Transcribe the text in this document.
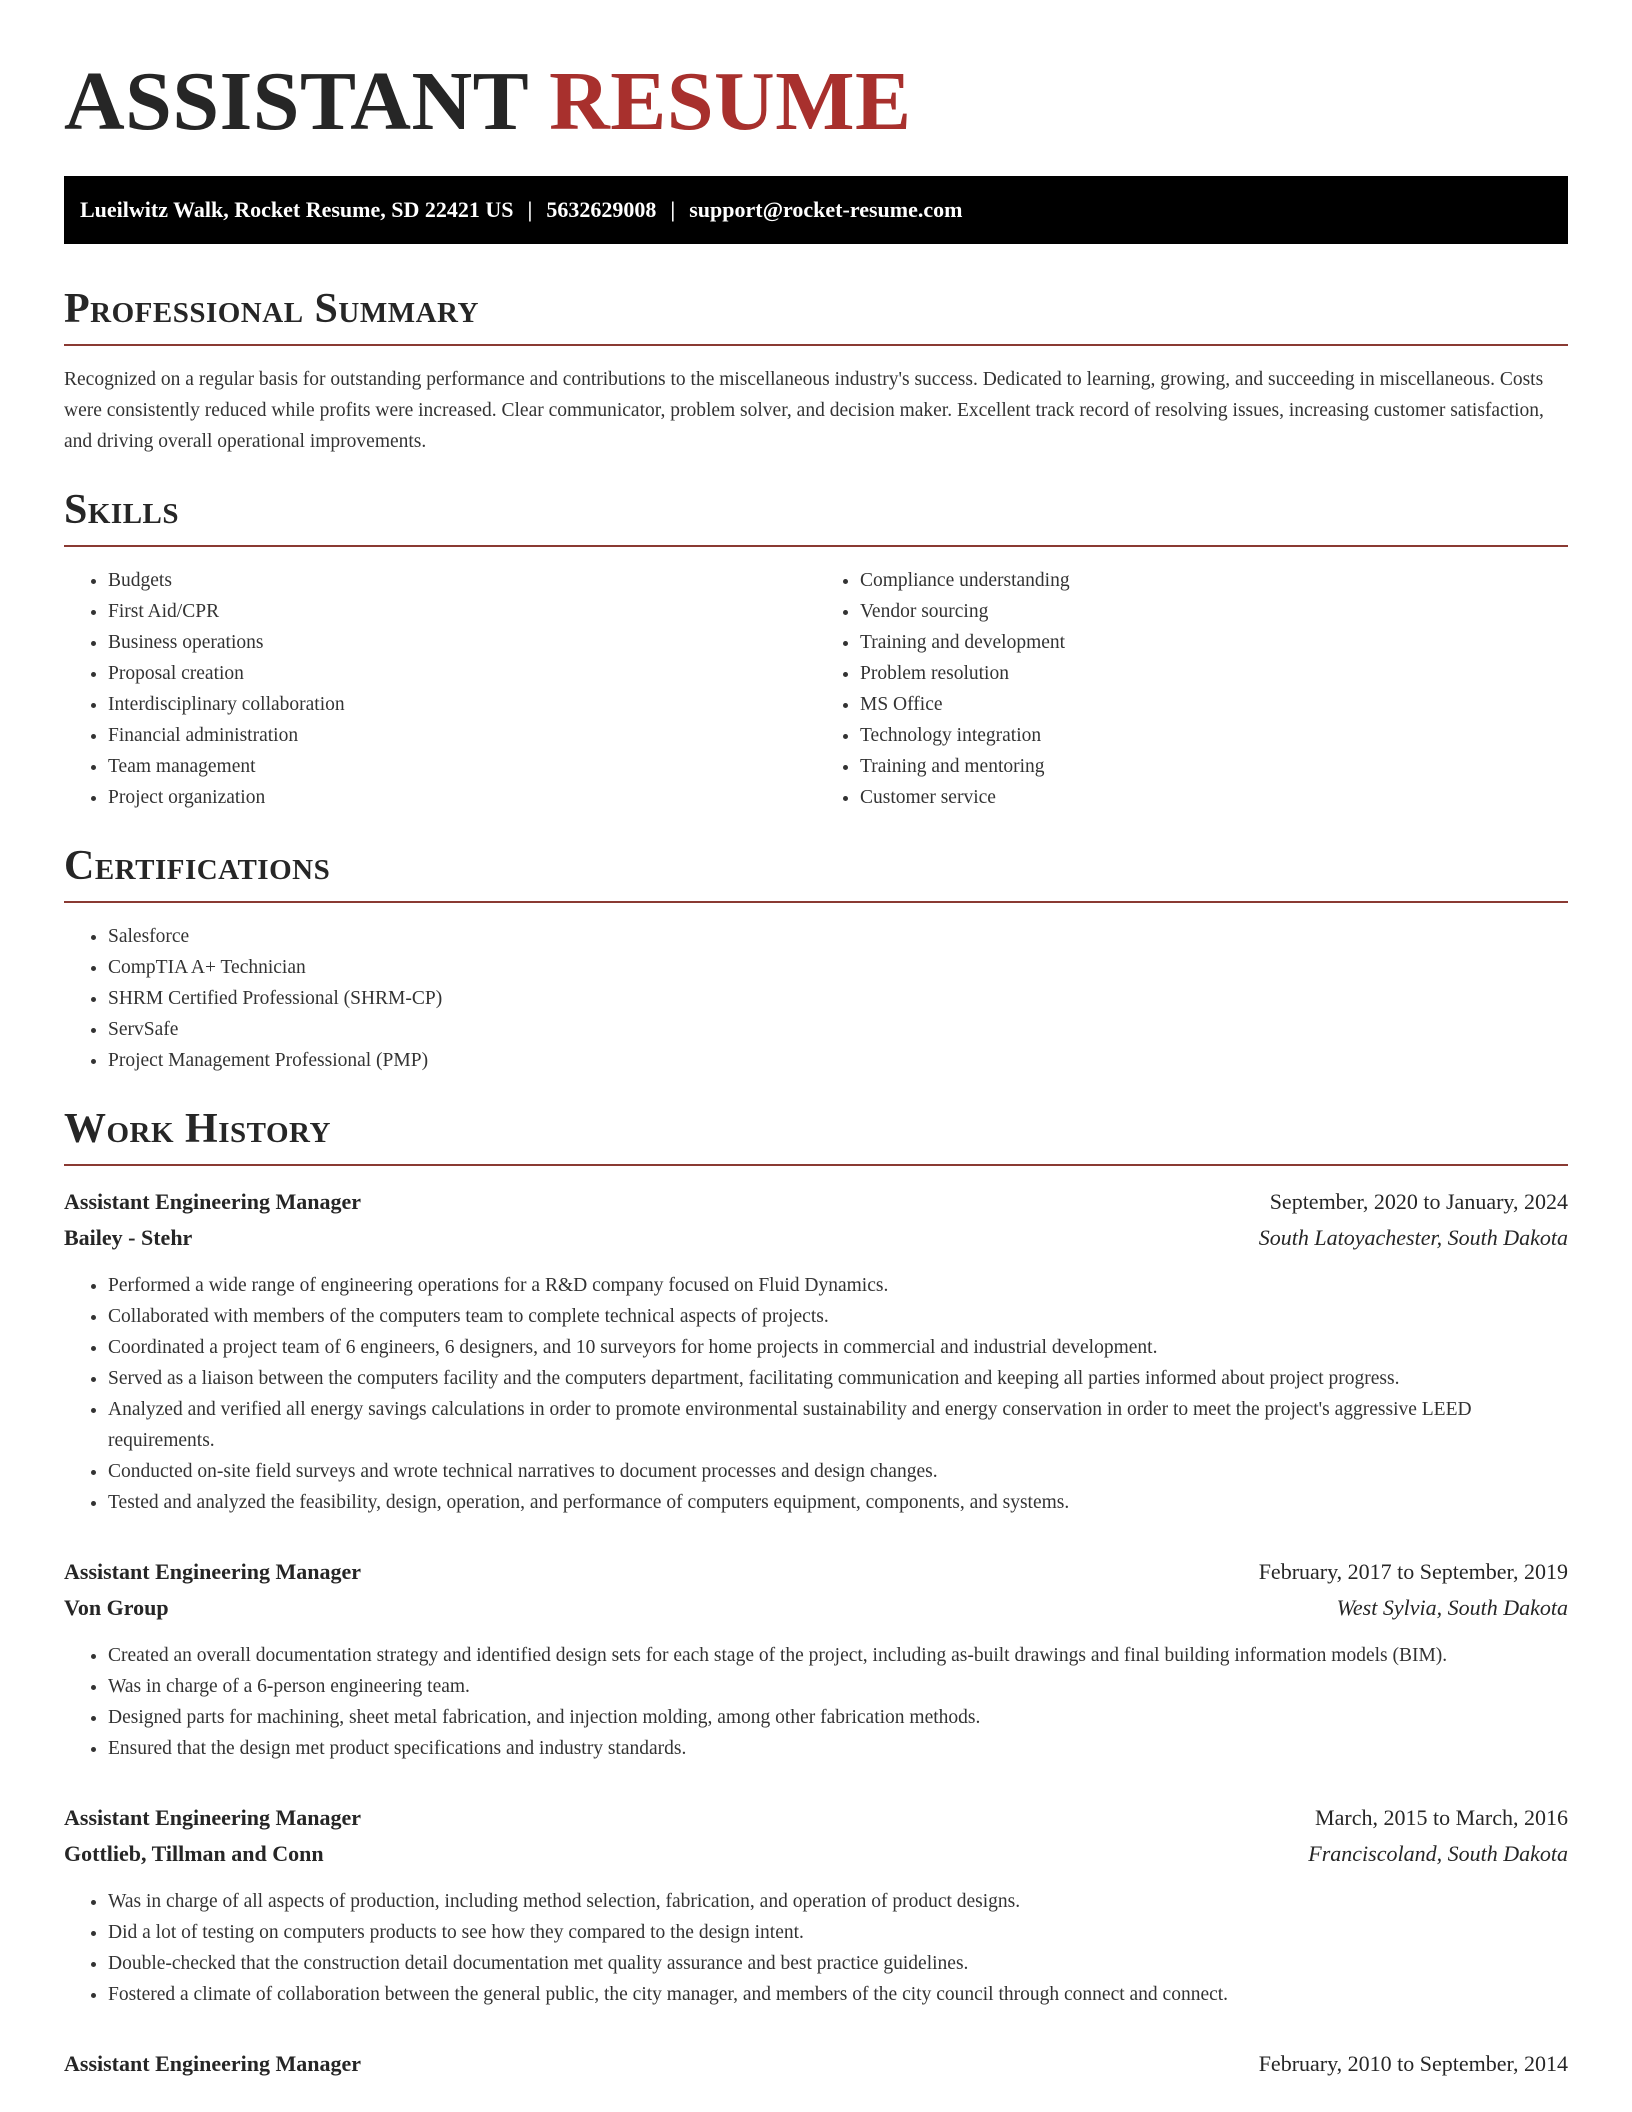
ASSISTANT RESUME
Lueilwitz Walk, Rocket Resume, SD 22421 US | 5632629008 | support@rocket-resume.com
Professional Summary

Recognized on a regular basis for outstanding performance and contributions to the miscellaneous industry's success. Dedicated to learning, growing, and succeeding in miscellaneous. Costs were consistently reduced while profits were increased. Clear communicator, problem solver, and decision maker. Excellent track record of resolving issues, increasing customer satisfaction, and driving overall operational improvements.

Skills
• Budgets
• First Aid/CPR
• Business operations
• Proposal creation
• Interdisciplinary collaboration
• Financial administration
• Team management
• Project organization
• Compliance understanding
• Vendor sourcing
• Training and development
• Problem resolution
• MS Office
• Technology integration
• Training and mentoring
• Customer service
Certifications
• Salesforce
• CompTIA A+ Technician
• SHRM Certified Professional (SHRM-CP)
• ServSafe
• Project Management Professional (PMP)
Work History
Assistant Engineering Manager	September, 2020 to January, 2024
Bailey - Stehr	South Latoyachester, South Dakota
• Performed a wide range of engineering operations for a R&D company focused on Fluid Dynamics.
• Collaborated with members of the computers team to complete technical aspects of projects.
• Coordinated a project team of 6 engineers, 6 designers, and 10 surveyors for home projects in commercial and industrial development.
• Served as a liaison between the computers facility and the computers department, facilitating communication and keeping all parties informed about project progress.
• Analyzed and verified all energy savings calculations in order to promote environmental sustainability and energy conservation in order to meet the project's aggressive LEED requirements.
• Conducted on-site field surveys and wrote technical narratives to document processes and design changes.
• Tested and analyzed the feasibility, design, operation, and performance of computers equipment, components, and systems.
Assistant Engineering Manager	February, 2017 to September, 2019
Von Group	West Sylvia, South Dakota
• Created an overall documentation strategy and identified design sets for each stage of the project, including as-built drawings and final building information models (BIM).
• Was in charge of a 6-person engineering team.
• Designed parts for machining, sheet metal fabrication, and injection molding, among other fabrication methods.
• Ensured that the design met product specifications and industry standards.
Assistant Engineering Manager	March, 2015 to March, 2016
Gottlieb, Tillman and Conn	Franciscoland, South Dakota
• Was in charge of all aspects of production, including method selection, fabrication, and operation of product designs.
• Did a lot of testing on computers products to see how they compared to the design intent.
• Double-checked that the construction detail documentation met quality assurance and best practice guidelines.
• Fostered a climate of collaboration between the general public, the city manager, and members of the city council through connect and connect.
Assistant Engineering Manager	February, 2010 to September, 2014
